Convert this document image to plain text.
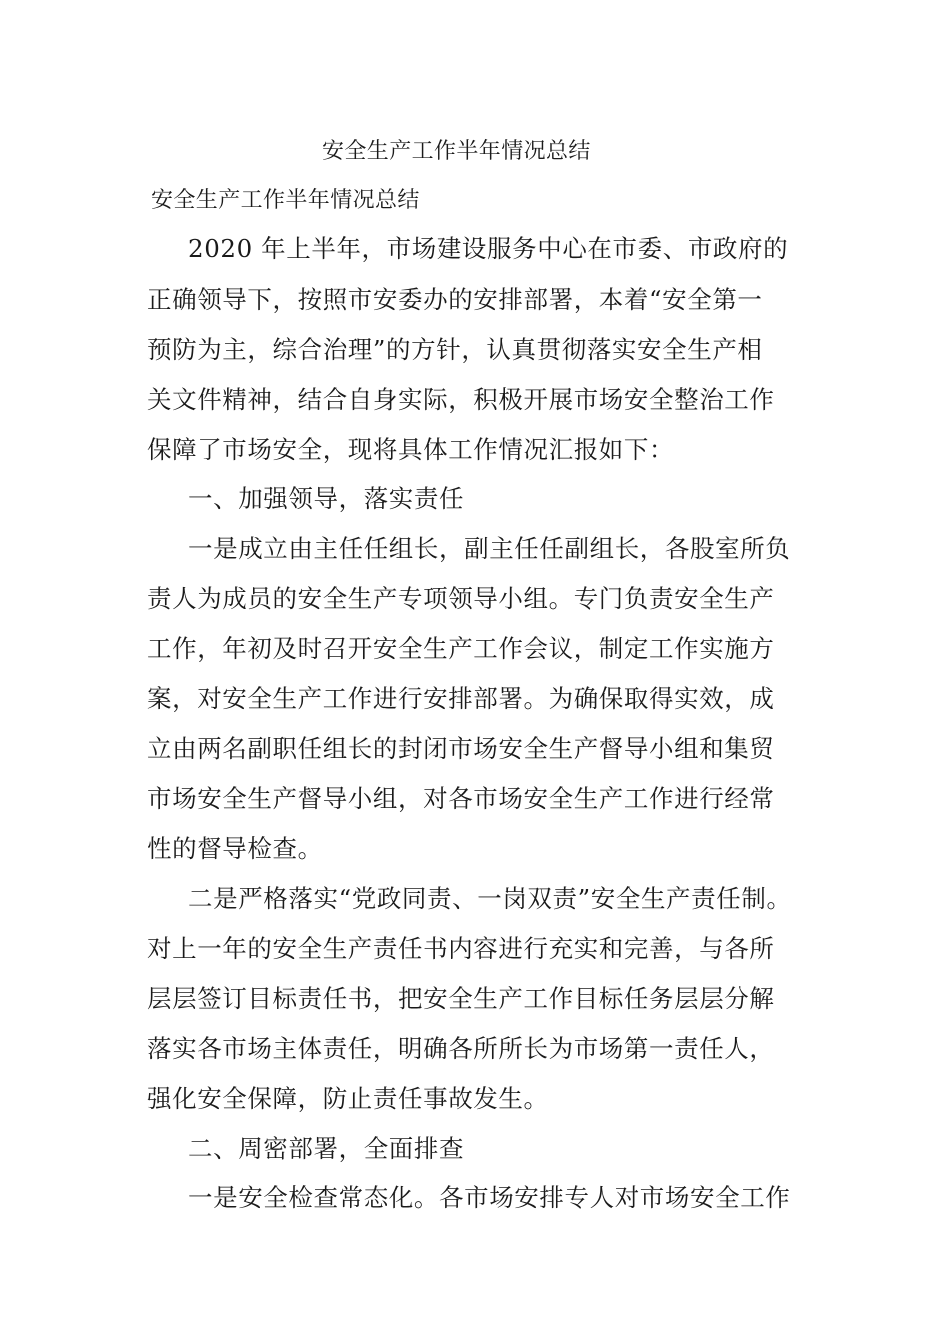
安全生产工作半年情况总结
安全生产工作半年情况总结
2020 年上半年，市场建设服务中心在市委、市政府的
正确领导下，按照市安委办的安排部署，本着“安全第一
预防为主，综合治理”的方针，认真贯彻落实安全生产相
关文件精神，结合自身实际，积极开展市场安全整治工作
保障了市场安全，现将具体工作情况汇报如下：
一、加强领导，落实责任
一是成立由主任任组长，副主任任副组长，各股室所负
责人为成员的安全生产专项领导小组。专门负责安全生产
工作，年初及时召开安全生产工作会议，制定工作实施方
案，对安全生产工作进行安排部署。为确保取得实效，成
立由两名副职任组长的封闭市场安全生产督导小组和集贸
市场安全生产督导小组，对各市场安全生产工作进行经常
性的督导检查。
二是严格落实“党政同责、一岗双责”安全生产责任制。
对上一年的安全生产责任书内容进行充实和完善，与各所
层层签订目标责任书，把安全生产工作目标任务层层分解
落实各市场主体责任，明确各所所长为市场第一责任人，
强化安全保障，防止责任事故发生。
二、周密部署，全面排查
一是安全检查常态化。各市场安排专人对市场安全工作
